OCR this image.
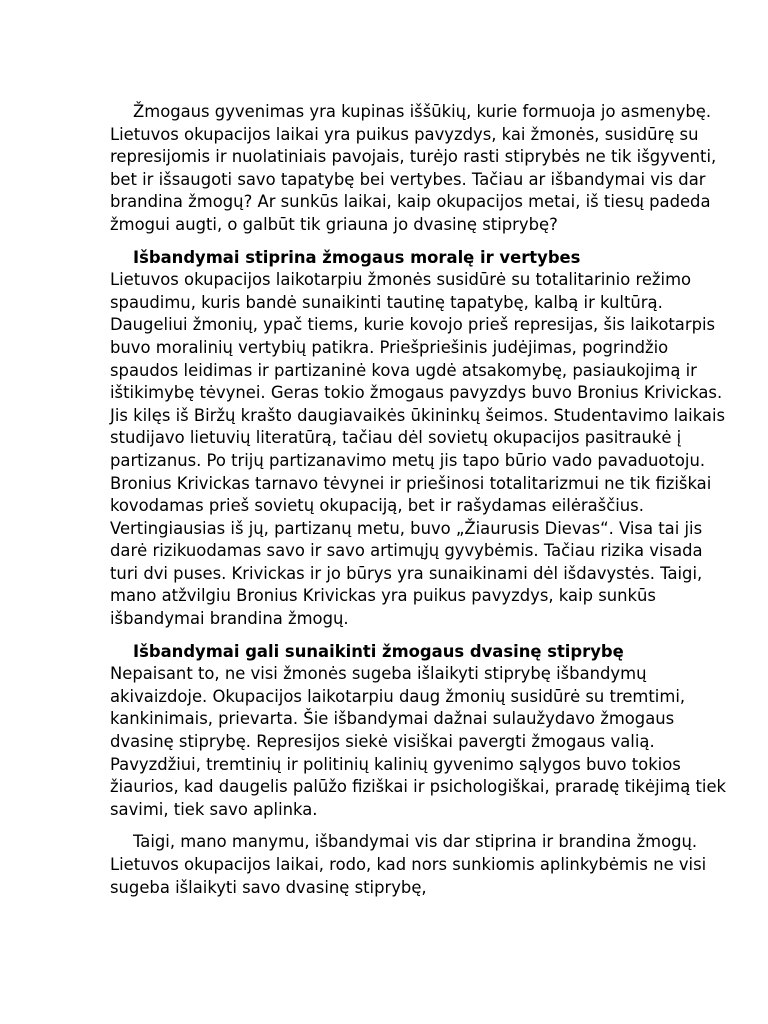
Žmogaus gyvenimas yra kupinas iššūkių, kurie formuoja jo asmenybę. Lietuvos okupacijos laikai yra puikus pavyzdys, kai žmonės, susidūrę su represijomis ir nuolatiniais pavojais, turėjo rasti stiprybės ne tik išgyventi, bet ir išsaugoti savo tapatybę bei vertybes. Tačiau ar išbandymai vis dar brandina žmogų? Ar sunkūs laikai, kaip okupacijos metai, iš tiesų padeda žmogui augti, o galbūt tik griauna jo dvasinę stiprybę?

Išbandymai stiprina žmogaus moralę ir vertybes
Lietuvos okupacijos laikotarpiu žmonės susidūrė su totalitarinio režimo spaudimu, kuris bandė sunaikinti tautinę tapatybę, kalbą ir kultūrą. Daugeliui žmonių, ypač tiems, kurie kovojo prieš represijas, šis laikotarpis buvo moralinių vertybių patikra. Priešpriešinis judėjimas, pogrindžio spaudos leidimas ir partizaninė kova ugdė atsakomybę, pasiaukojimą ir ištikimybę tėvynei. Geras tokio žmogaus pavyzdys buvo Bronius Krivickas. Jis kilęs iš Biržų krašto daugiavaikės ūkininkų šeimos. Studentavimo laikais studijavo lietuvių literatūrą, tačiau dėl sovietų okupacijos pasitraukė į partizanus. Po trijų partizanavimo metų jis tapo būrio vado pavaduotoju. Bronius Krivickas tarnavo tėvynei ir priešinosi totalitarizmui ne tik fiziškai kovodamas prieš sovietų okupaciją, bet ir rašydamas eilėraščius. Vertingiausias iš jų, partizanų metu, buvo „Žiaurusis Dievas“. Visa tai jis darė rizikuodamas savo ir savo artimųjų gyvybėmis. Tačiau rizika visada turi dvi puses. Krivickas ir jo būrys yra sunaikinami dėl išdavystės. Taigi, mano atžvilgiu Bronius Krivickas yra puikus pavyzdys, kaip sunkūs išbandymai brandina žmogų.
Išbandymai gali sunaikinti žmogaus dvasinę stiprybę
Nepaisant to, ne visi žmonės sugeba išlaikyti stiprybę išbandymų akivaizdoje. Okupacijos laikotarpiu daug žmonių susidūrė su tremtimi, kankinimais, prievarta. Šie išbandymai dažnai sulaužydavo žmogaus dvasinę stiprybę. Represijos siekė visiškai pavergti žmogaus valią. Pavyzdžiui, tremtinių ir politinių kalinių gyvenimo sąlygos buvo tokios žiaurios, kad daugelis palūžo fiziškai ir psichologiškai, praradę tikėjimą tiek savimi, tiek savo aplinka.

Taigi, mano manymu, išbandymai vis dar stiprina ir brandina žmogų. Lietuvos okupacijos laikai, rodo, kad nors sunkiomis aplinkybėmis ne visi sugeba išlaikyti savo dvasinę stiprybę,
